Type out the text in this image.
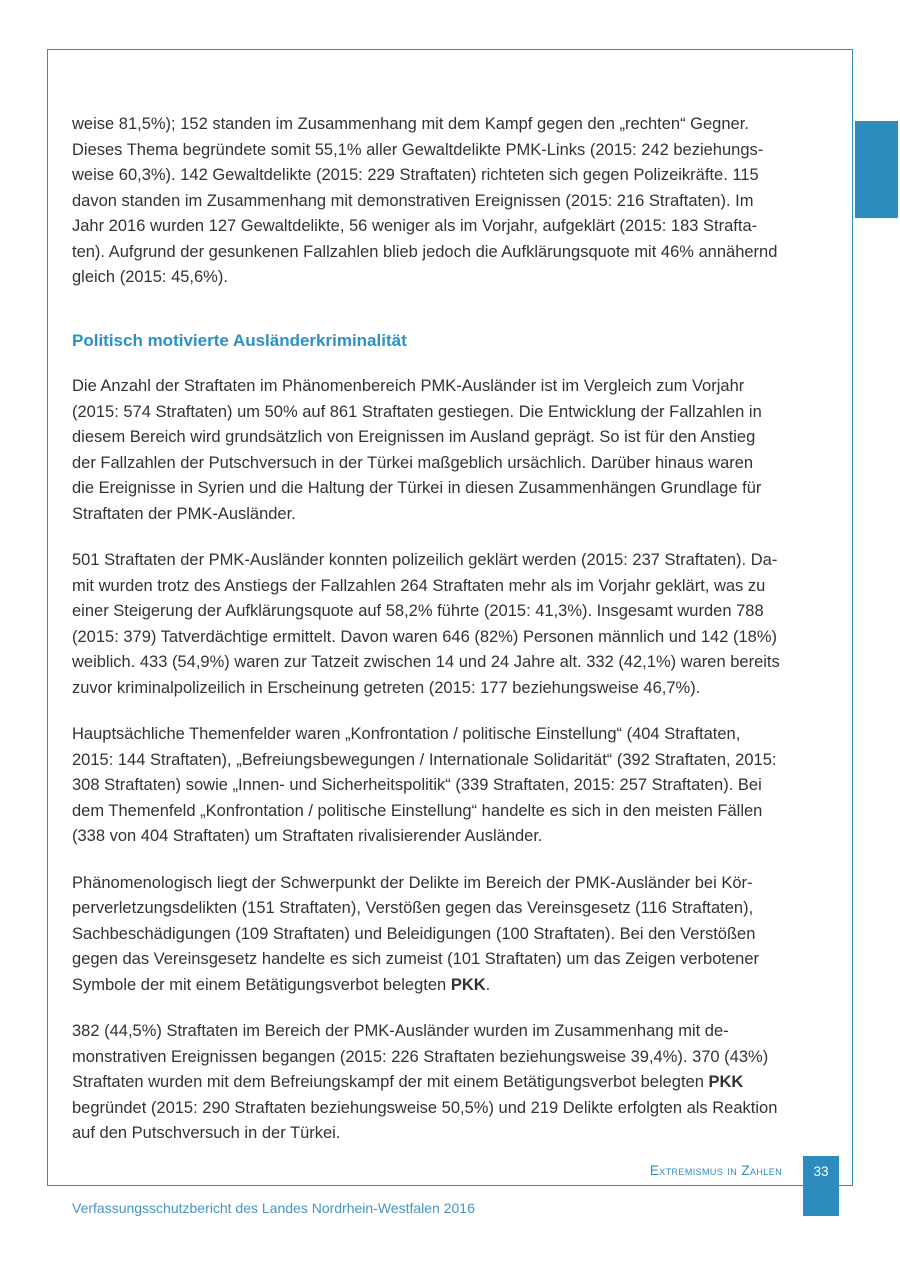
weise 81,5%); 152 standen im Zusammenhang mit dem Kampf gegen den „rechten“ Gegner.
Dieses Thema begründete somit 55,1% aller Gewaltdelikte PMK-Links (2015: 242 beziehungs-
weise 60,3%). 142 Gewaltdelikte (2015: 229 Straftaten) richteten sich gegen Polizeikräfte. 115
davon standen im Zusammenhang mit demonstrativen Ereignissen (2015: 216 Straftaten). Im
Jahr 2016 wurden 127 Gewaltdelikte, 56 weniger als im Vorjahr, aufgeklärt (2015: 183 Strafta-
ten). Aufgrund der gesunkenen Fallzahlen blieb jedoch die Aufklärungsquote mit 46% annähernd
gleich (2015: 45,6%).
Politisch motivierte Ausländerkriminalität
Die Anzahl der Straftaten im Phänomenbereich PMK-Ausländer ist im Vergleich zum Vorjahr
(2015: 574 Straftaten) um 50% auf 861 Straftaten gestiegen. Die Entwicklung der Fallzahlen in
diesem Bereich wird grundsätzlich von Ereignissen im Ausland geprägt. So ist für den Anstieg
der Fallzahlen der Putschversuch in der Türkei maßgeblich ursächlich. Darüber hinaus waren
die Ereignisse in Syrien und die Haltung der Türkei in diesen Zusammenhängen Grundlage für
Straftaten der PMK-Ausländer.
501 Straftaten der PMK-Ausländer konnten polizeilich geklärt werden (2015: 237 Straftaten). Da-
mit wurden trotz des Anstiegs der Fallzahlen 264 Straftaten mehr als im Vorjahr geklärt, was zu
einer Steigerung der Aufklärungsquote auf 58,2% führte (2015: 41,3%). Insgesamt wurden 788
(2015: 379) Tatverdächtige ermittelt. Davon waren 646 (82%) Personen männlich und 142 (18%)
weiblich. 433 (54,9%) waren zur Tatzeit zwischen 14 und 24 Jahre alt. 332 (42,1%) waren bereits
zuvor kriminalpolizeilich in Erscheinung getreten (2015: 177 beziehungsweise 46,7%).
Hauptsächliche Themenfelder waren „Konfrontation / politische Einstellung“ (404 Straftaten,
2015: 144 Straftaten), „Befreiungsbewegungen / Internationale Solidarität“ (392 Straftaten, 2015:
308 Straftaten) sowie „Innen- und Sicherheitspolitik“ (339 Straftaten, 2015: 257 Straftaten). Bei
dem Themenfeld „Konfrontation / politische Einstellung“ handelte es sich in den meisten Fällen
(338 von 404 Straftaten) um Straftaten rivalisierender Ausländer.
Phänomenologisch liegt der Schwerpunkt der Delikte im Bereich der PMK-Ausländer bei Kör-
perverletzungsdelikten (151 Straftaten), Verstößen gegen das Vereinsgesetz (116 Straftaten),
Sachbeschädigungen (109 Straftaten) und Beleidigungen (100 Straftaten). Bei den Verstößen
gegen das Vereinsgesetz handelte es sich zumeist (101 Straftaten) um das Zeigen verbotener
Symbole der mit einem Betätigungsverbot belegten PKK.
382 (44,5%) Straftaten im Bereich der PMK-Ausländer wurden im Zusammenhang mit de-
monstrativen Ereignissen begangen (2015: 226 Straftaten beziehungsweise 39,4%). 370 (43%)
Straftaten wurden mit dem Befreiungskampf der mit einem Betätigungsverbot belegten PKK
begründet (2015: 290 Straftaten beziehungsweise 50,5%) und 219 Delikte erfolgten als Reaktion
auf den Putschversuch in der Türkei.
Extremismus in Zahlen	33
Verfassungsschutzbericht des Landes Nordrhein-Westfalen 2016
